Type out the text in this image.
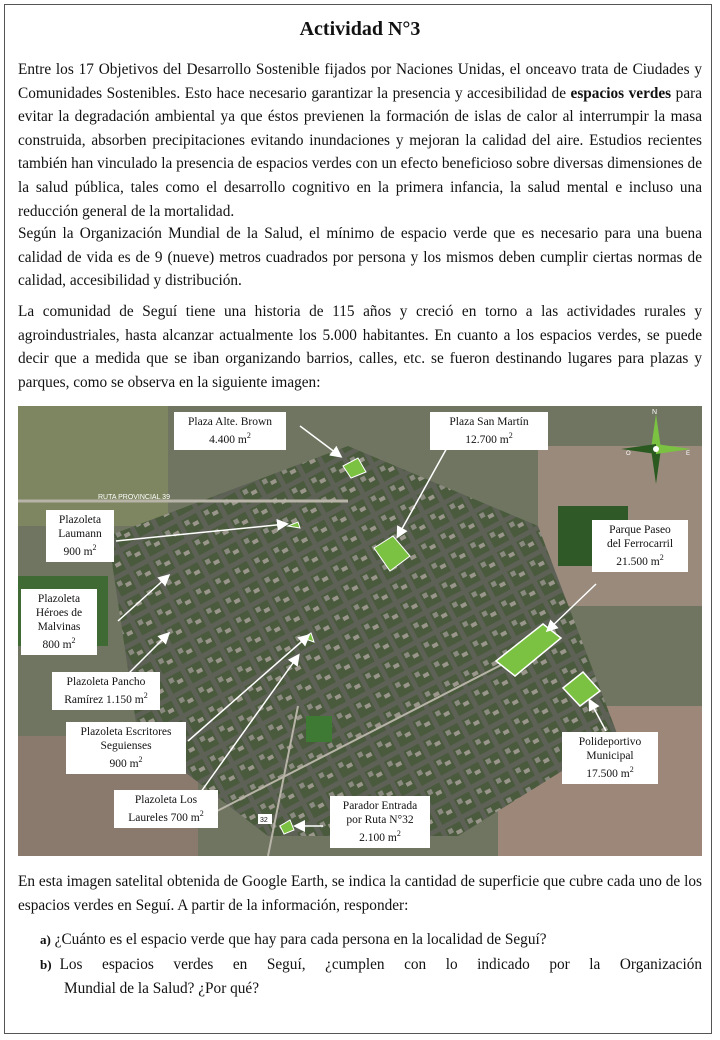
Actividad N°3

Entre los 17 Objetivos del Desarrollo Sostenible fijados por Naciones Unidas, el onceavo trata de Ciudades y Comunidades Sostenibles. Esto hace necesario garantizar la presencia y accesibilidad de espacios verdes para evitar la degradación ambiental ya que éstos previenen la formación de islas de calor al interrumpir la masa construida, absorben precipitaciones evitando inundaciones y mejoran la calidad del aire. Estudios recientes también han vinculado la presencia de espacios verdes con un efecto beneficioso sobre diversas dimensiones de la salud pública, tales como el desarrollo cognitivo en la primera infancia, la salud mental e incluso una reducción general de la mortalidad.

Según la Organización Mundial de la Salud, el mínimo de espacio verde que es necesario para una buena calidad de vida es de 9 (nueve) metros cuadrados por persona y los mismos deben cumplir ciertas normas de calidad, accesibilidad y distribución.

La comunidad de Seguí tiene una historia de 115 años y creció en torno a las actividades rurales y agroindustriales, hasta alcanzar actualmente los 5.000 habitantes. En cuanto a los espacios verdes, se puede decir que a medida que se iban organizando barrios, calles, etc. se fueron destinando lugares para plazas y parques, como se observa en la siguiente imagen:

RUTA PROVINCIAL 39
32
N
O	E
Plaza Alte. Brown
4.400 $m^2$
Plaza San Martín
12.700 $m^2$
Plazoleta
Laumann
900 $m^2$
Plazoleta
Héroes de
Malvinas
800 $m^2$
Plazoleta Pancho
Ramírez 1.150 $m^2$
Plazoleta Escritores
Seguienses
900 $m^2$
Plazoleta Los
Laureles 700 $m^2$
Parador Entrada
por Ruta N°32
2.100 $m^2$
Parque Paseo
del Ferrocarril
21.500 $m^2$
Polideportivo
Municipal
17.500 $m^2$

En esta imagen satelital obtenida de Google Earth, se indica la cantidad de superficie que cubre cada uno de los espacios verdes en Seguí. A partir de la información, responder:

a) ¿Cuánto es el espacio verde que hay para cada persona en la localidad de Seguí?
b) Los espacios verdes en Seguí, ¿cumplen con lo indicado por la Organización
Mundial de la Salud? ¿Por qué?
